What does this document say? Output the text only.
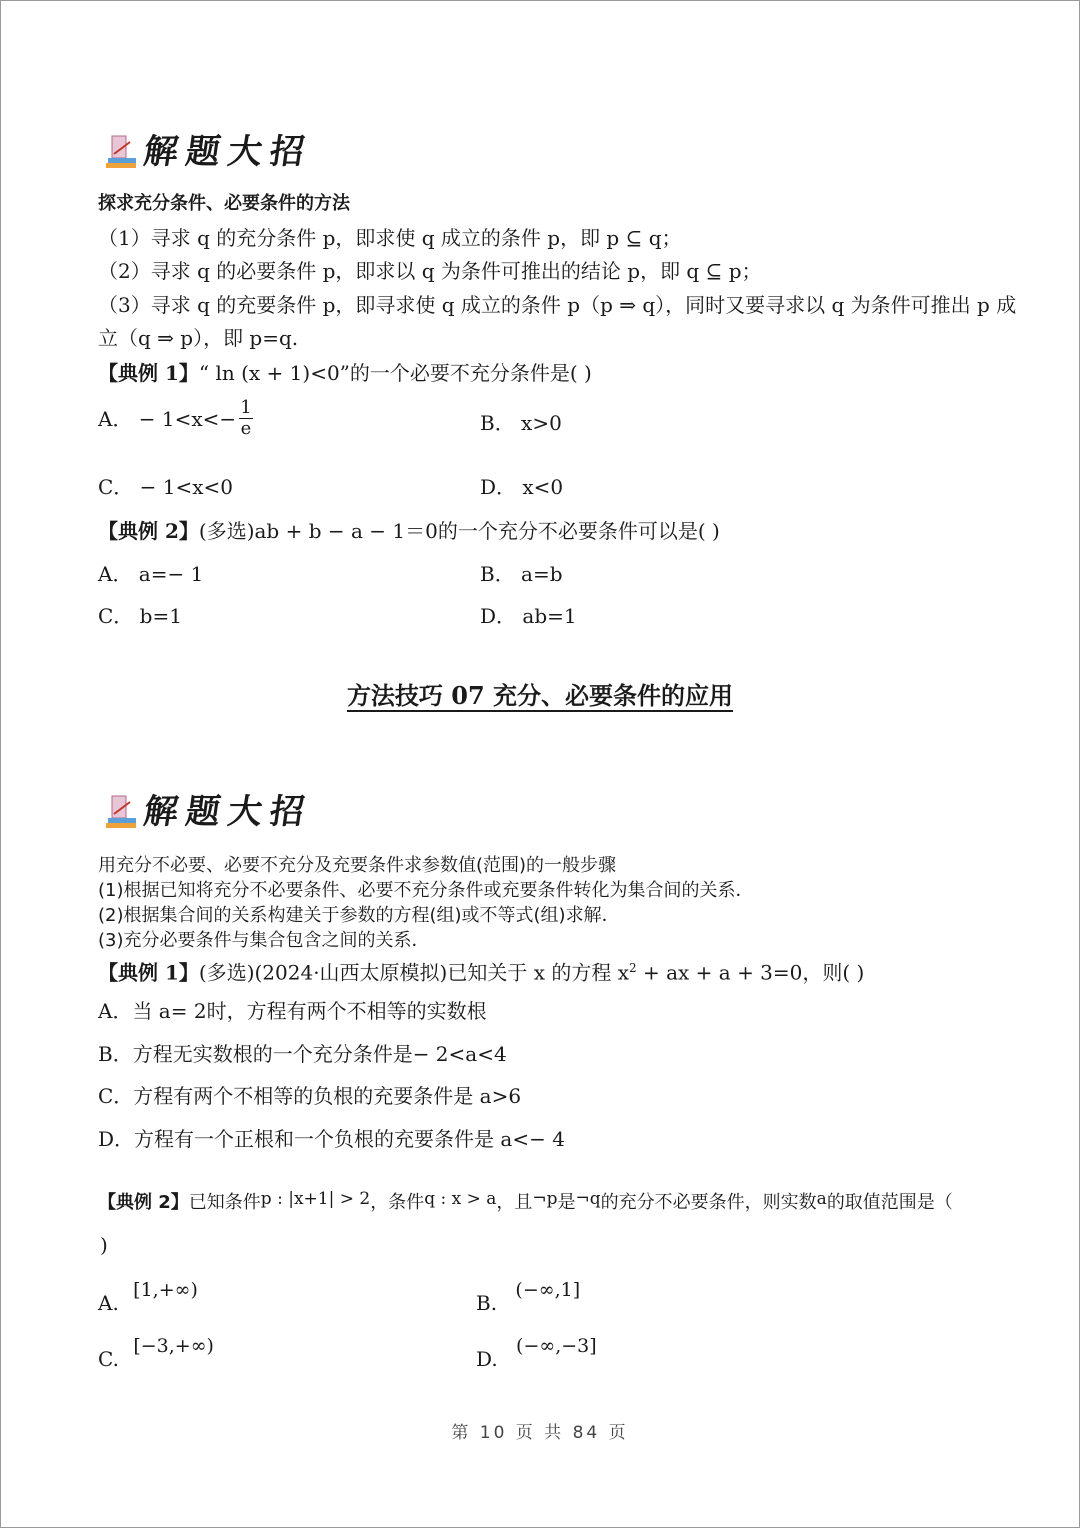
解题大招
探求充分条件、必要条件的方法
（1）寻求 q 的充分条件 p，即求使 q 成立的条件 p，即 p ⊆ q；
（2）寻求 q 的必要条件 p，即求以 q 为条件可推出的结论 p，即 q ⊆ p；
（3）寻求 q 的充要条件 p，即寻求使 q 成立的条件 p（p ⇒ q），同时又要寻求以 q 为条件可推出 p 成
立（q ⇒ p），即 p=q.
【典例 1】“ ln (x + 1)<0”的一个必要不充分条件是( )
A． − $1<x<- \frac{1}{e}$	B． x>0
C． − 1<x<0	D． x<0
【典例 2】(多选)ab + b − a − 1＝0的一个充分不必要条件可以是( )
A． a=− 1	B． a=b
C． b=1	D． ab=1
方法技巧 07 充分、必要条件的应用
解题大招
用充分不必要、必要不充分及充要条件求参数值(范围)的一般步骤
(1)根据已知将充分不必要条件、必要不充分条件或充要条件转化为集合间的关系．
(2)根据集合间的关系构建关于参数的方程(组)或不等式(组)求解．
(3)充分必要条件与集合包含之间的关系．
【典例 1】(多选)(2024·山西太原模拟)已知关于 x 的方程 $x^2$ + ax + a + 3=0，则( )
A．当 a= 2时，方程有两个不相等的实数根
B．方程无实数根的一个充分条件是− 2<a<4
C．方程有两个不相等的负根的充要条件是 a>6
D．方程有一个正根和一个负根的充要条件是 a<− 4
【典例 2】已知条件p : |x+1| > 2，条件q : x > a，且¬p是¬q的充分不必要条件，则实数a的取值范围是（
)
A. [1,+∞)
B. (−∞,1]
C. [−3,+∞)
D. (−∞,−3]
第 10 页 共 84 页
